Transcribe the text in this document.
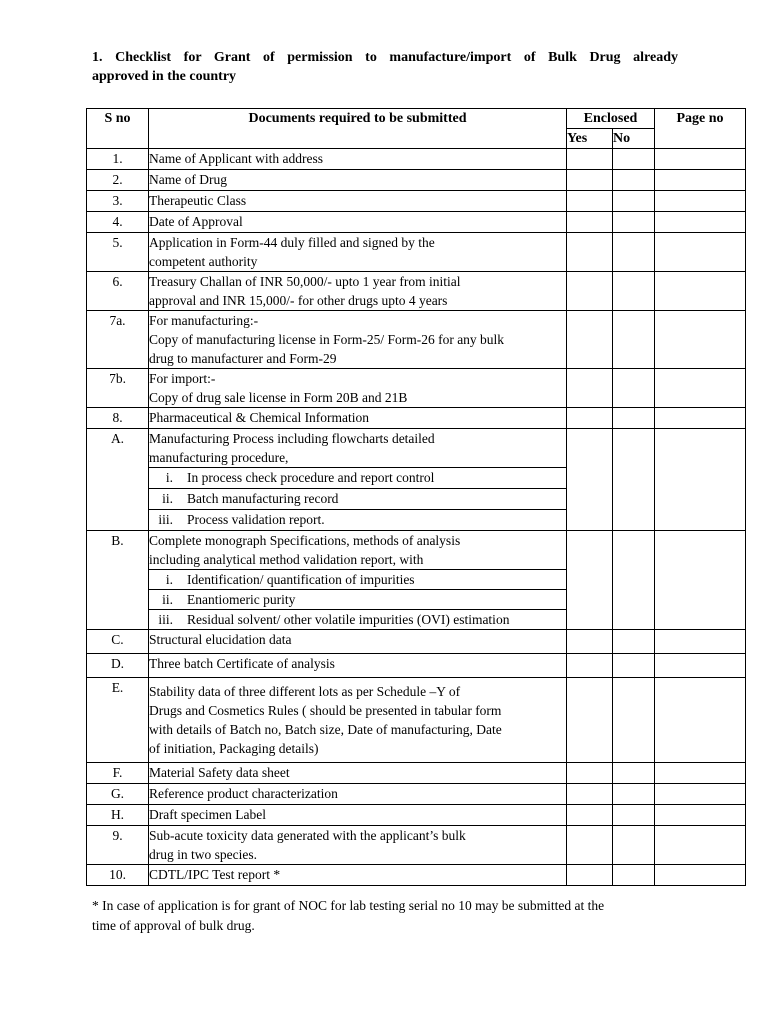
1. Checklist for Grant of permission to manufacture/import of Bulk Drug already
approved in the country
S no	Documents required to be submitted	Enclosed		Page no
		Yes	No	
1.	Name of Applicant with address			

2.	Name of Drug			

3.	Therapeutic Class			

4.	Date of Approval			

5.	Application in Form-44 duly filled and signed by the
competent authority			

6.	Treasury Challan of INR 50,000/- upto 1 year from initial
approval and INR 15,000/- for other drugs upto 4 years			

7a.	For manufacturing:-
Copy of manufacturing license in Form-25/ Form-26 for any bulk
drug to manufacturer and Form-29			

7b.	For import:-
Copy of drug sale license in Form 20B and 21B			

8.	Pharmaceutical & Chemical Information			

A.	Manufacturing Process including flowcharts detailed
manufacturing procedure,			

	i. In process check procedure and report control			

	ii. Batch manufacturing record			

	iii. Process validation report.			

B.	Complete monograph Specifications, methods of analysis
including analytical method validation report, with			

	i. Identification/ quantification of impurities			

	ii. Enantiomeric purity			

	iii. Residual solvent/ other volatile impurities (OVI) estimation			

C.	Structural elucidation data			

D.	Three batch Certificate of analysis			

E.	Stability data of three different lots as per Schedule –Y of
Drugs and Cosmetics Rules ( should be presented in tabular form
with details of Batch no, Batch size, Date of manufacturing, Date
of initiation, Packaging details)			

F.	Material Safety data sheet			

G.	Reference product characterization			

H.	Draft specimen Label			

9.	Sub-acute toxicity data generated with the applicant’s bulk
drug in two species.			

10.	CDTL/IPC Test report *			

* In case of application is for grant of NOC for lab testing serial no 10 may be submitted at the
time of approval of bulk drug.
